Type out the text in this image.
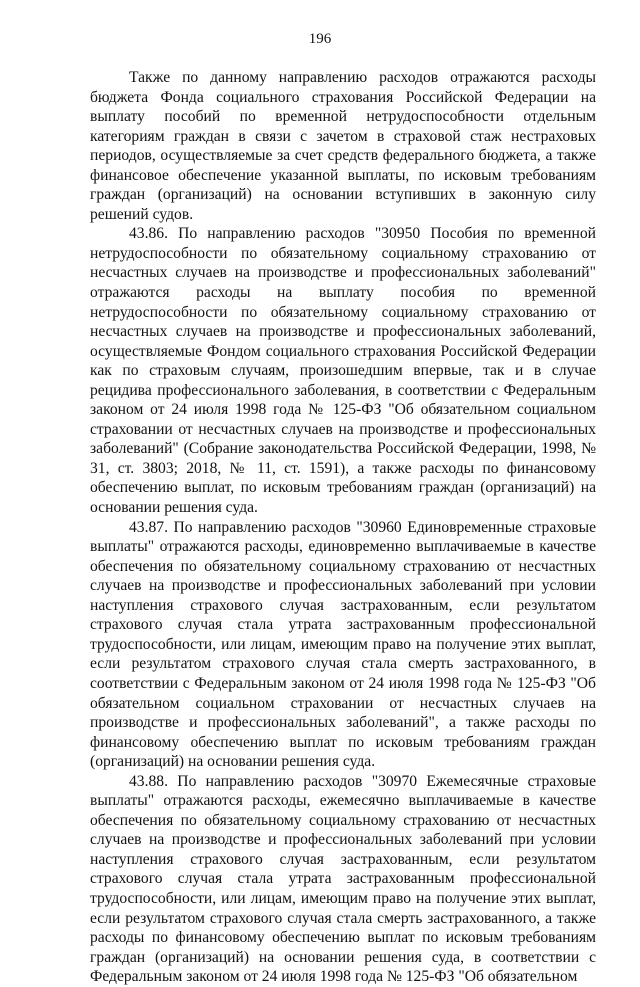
196

Также по данному направлению расходов отражаются расходы бюджета Фонда социального страхования Российской Федерации на выплату пособий по временной нетрудоспособности отдельным категориям граждан в связи с зачетом в страховой стаж нестраховых периодов, осуществляемые за счет средств федерального бюджета, а также финансовое обеспечение указанной выплаты, по исковым требованиям граждан (организаций) на основании вступивших в законную силу решений судов.

43.86. По направлению расходов "30950 Пособия по временной нетрудоспособности по обязательному социальному страхованию от несчастных случаев на производстве и профессиональных заболеваний" отражаются расходы на выплату пособия по временной нетрудоспособности по обязательному социальному страхованию от несчастных случаев на производстве и профессиональных заболеваний, осуществляемые Фондом социального страхования Российской Федерации как по страховым случаям, произошедшим впервые, так и в случае рецидива профессионального заболевания, в соответствии с Федеральным законом от 24 июля 1998 года № 125-ФЗ "Об обязательном социальном страховании от несчастных случаев на производстве и профессиональных заболеваний" (Собрание законодательства Российской Федерации, 1998, № 31, ст. 3803; 2018, № 11, ст. 1591), а также расходы по финансовому обеспечению выплат, по исковым требованиям граждан (организаций) на основании решения суда.

43.87. По направлению расходов "30960 Единовременные страховые выплаты" отражаются расходы, единовременно выплачиваемые в качестве обеспечения по обязательному социальному страхованию от несчастных случаев на производстве и профессиональных заболеваний при условии наступления страхового случая застрахованным, если результатом страхового случая стала утрата застрахованным профессиональной трудоспособности, или лицам, имеющим право на получение этих выплат, если результатом страхового случая стала смерть застрахованного, в соответствии с Федеральным законом от 24 июля 1998 года № 125-ФЗ "Об обязательном социальном страховании от несчастных случаев на производстве и профессиональных заболеваний", а также расходы по финансовому обеспечению выплат по исковым требованиям граждан (организаций) на основании решения суда.

43.88. По направлению расходов "30970 Ежемесячные страховые выплаты" отражаются расходы, ежемесячно выплачиваемые в качестве обеспечения по обязательному социальному страхованию от несчастных случаев на производстве и профессиональных заболеваний при условии наступления страхового случая застрахованным, если результатом страхового случая стала утрата застрахованным профессиональной трудоспособности, или лицам, имеющим право на получение этих выплат, если результатом страхового случая стала смерть застрахованного, а также расходы по финансовому обеспечению выплат по исковым требованиям граждан (организаций) на основании решения суда, в соответствии с Федеральным законом от 24 июля 1998 года № 125-ФЗ "Об обязательном
